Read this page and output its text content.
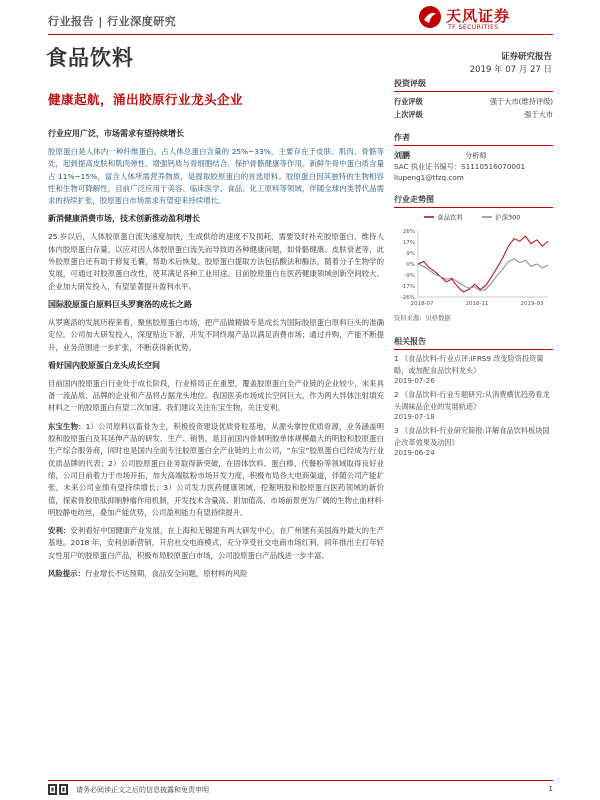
行业报告 | 行业深度研究	天风证券
TF SECURITIES
食品饮料	证券研究报告
2019 年 07 月 27 日
健康起航，涌出胶原行业龙头企业
行业应用广泛，市场需求有望持续增长

胶原蛋白是人体内一种纤维蛋白，占人体总蛋白含量的 25%~33%，主要存在于皮肤、肌肉、骨骼等处，起到提高皮肤和肌肉弹性、增强钙质与骨细胞结合、保护骨骼健康等作用。新鲜牛骨中蛋白质含量占 11%~15%，富含人体所需营养物质，是提取胶原蛋白的首选原料。胶原蛋白因其独特的生物相容性和生物可降解性，目前广泛应用于美容、临床医学、食品、化工原料等领域，伴随全球内类替代品需求的持续扩张，胶原蛋白市场需求有望迎来持续增长。

新消健康消费市场，技术创新推动盈利增长

25 岁以后，人体胶原蛋白流失速度加快，生成供给的速度不及损耗，需要及时补充胶原蛋白，维持人体内胶原蛋白存量，以应对因人体胶原蛋白流失而导致的各种健康问题，如骨骼健康、皮肤衰老等，此外胶原蛋白还有助于修复毛囊，帮助术后恢复。胶原蛋白提取方法包括酸法和酶法，随着分子生物学的发展，可通过对胶原蛋白改性，使其满足各种工业用途。目前胶原蛋白在医药健康领域创新空间较大，企业加大研发投入，有望显著提升盈利水平。

国际胶原蛋白原料巨头罗赛洛的成长之路

从罗赛洛的发展历程来看，聚焦胶原蛋白市场，把产品做精做专是成长为国际胶原蛋白原料巨头的准确定位。公司加大研发投入，深度贴近下游，开发不同终端产品以满足消费市场；通过并购，产能不断提升，业务范围进一步扩张，不断获得新优势。

看好国内胶原蛋白龙头成长空间

目前国内胶原蛋白行业处于成长阶段，行业格局正在重塑，覆盖胶原蛋白全产业链的企业较少，未来具备一流品质、品牌的企业和产品将占据龙头地位。我国医美市场成长空间巨大，作为两大异体注射填充材料之一的胶原蛋白有望二次加速。我们建议关注东宝生物，关注安利。

东宝生物：1）公司原料以畜骨为主，积极投资建设优质骨粒基地，从源头掌控优质骨源，业务涵盖明胶和胶原蛋白及其延伸产品的研发、生产、销售，是目前国内骨制明胶单体规模最大的明胶和胶原蛋白生产综合服务商，同时也是国内全面专注胶原蛋白全产业链的上市公司，“东宝”胶原蛋白已经成为行业优质品牌的代表；2）公司胶原蛋白业务取得新突破，在固体饮料、蛋白棒、代餐粉等领域取得良好业绩，公司目前着力于市场开拓，加大高端肽粉市场开发力度，积极布局各大电商渠道，伴随公司产能扩张，未来公司业绩有望持续增长；3）公司发力医药健康领域，挖掘明胶和胶原蛋白医药领域的新价值，探索骨胶原肽抑制肿瘤作用机制，开发技术含量高、附加值高、市场前景更为广阔的生物止血材料·明胶静电纺丝，叠加产能优势，公司盈利能力有望持续提升。

安利：安利看好中国健康产业发展，在上海和无锡建有两大研发中心，在广州建有美国海外最大的生产基地。2018 年，安利创新营销，开启社交电商模式，充分享受社交电商市场红利，同年推出主打年轻女性用户的胶原蛋白产品，积极布局胶原蛋白市场，公司胶原蛋白产品线进一步丰富。

风险提示：行业增长不达预期，食品安全问题，原材料的风险

投资评级
行业评级	强于大市(维持评级)
上次评级	强于大市
作者
刘鹏	分析师
SAC 执业证书编号：S1110516070001
liupeng1@tfzq.com
行业走势图
食品饮料	沪深300
26%
17%
9%
0%
-9%
-17%
-26%
2018-07	2018-11	2019-03
资料来源：贝格数据
相关报告
1 《食品饮料-行业点评:IFRS9 改变险资投资策略，或加配食品饮料龙头》
2019-07-26
2 《食品饮料-行业专题研究:从消费横优趋势看龙头调味品企业的发展轨迹》
2019-07-18
3 《食品饮料-行业研究简报:详解食品饮料板块国企改革效果及动因》
2019-06-24
请务必阅读正文之后的信息披露和免责申明	1
